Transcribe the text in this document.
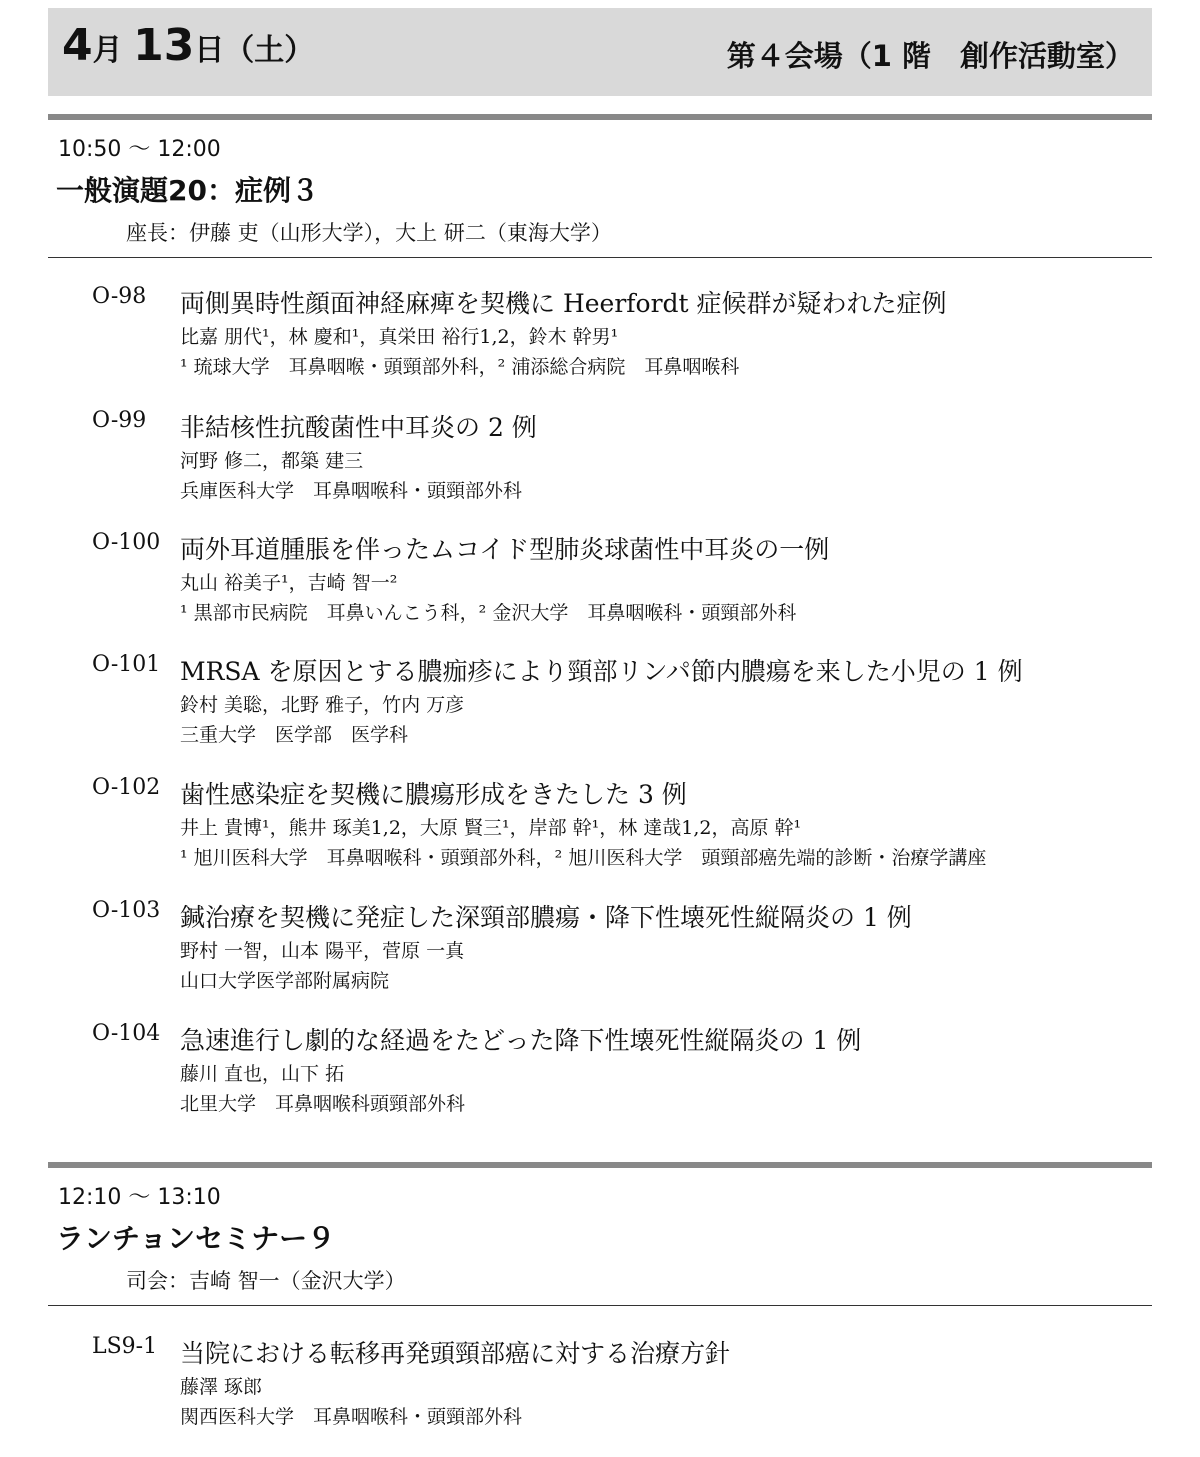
4月 13日（土）	第４会場（1 階　創作活動室）
10:50 ～ 12:00
一般演題20：症例３
座長：伊藤 吏（山形大学），大上 研二（東海大学）
O-98 両側異時性顔面神経麻痺を契機に Heerfordt 症候群が疑われた症例
比嘉 朋代¹，林 慶和¹，真栄田 裕行1,2，鈴木 幹男¹
¹ 琉球大学　耳鼻咽喉・頭頸部外科，² 浦添総合病院　耳鼻咽喉科
O-99 非結核性抗酸菌性中耳炎の 2 例
河野 修二，都築 建三
兵庫医科大学　耳鼻咽喉科・頭頸部外科
O-100 両外耳道腫脹を伴ったムコイド型肺炎球菌性中耳炎の一例
丸山 裕美子¹，吉崎 智一²
¹ 黒部市民病院　耳鼻いんこう科，² 金沢大学　耳鼻咽喉科・頭頸部外科
O-101 MRSA を原因とする膿痂疹により頸部リンパ節内膿瘍を来した小児の 1 例
鈴村 美聡，北野 雅子，竹内 万彦
三重大学　医学部　医学科
O-102 歯性感染症を契機に膿瘍形成をきたした 3 例
井上 貴博¹，熊井 琢美1,2，大原 賢三¹，岸部 幹¹，林 達哉1,2，高原 幹¹
¹ 旭川医科大学　耳鼻咽喉科・頭頸部外科，² 旭川医科大学　頭頸部癌先端的診断・治療学講座
O-103 鍼治療を契機に発症した深頸部膿瘍・降下性壊死性縦隔炎の 1 例
野村 一智，山本 陽平，菅原 一真
山口大学医学部附属病院
O-104 急速進行し劇的な経過をたどった降下性壊死性縦隔炎の 1 例
藤川 直也，山下 拓
北里大学　耳鼻咽喉科頭頸部外科
12:10 ～ 13:10
ランチョンセミナー９
司会：吉崎 智一（金沢大学）
LS9-1 当院における転移再発頭頸部癌に対する治療方針
藤澤 琢郎
関西医科大学　耳鼻咽喉科・頭頸部外科
